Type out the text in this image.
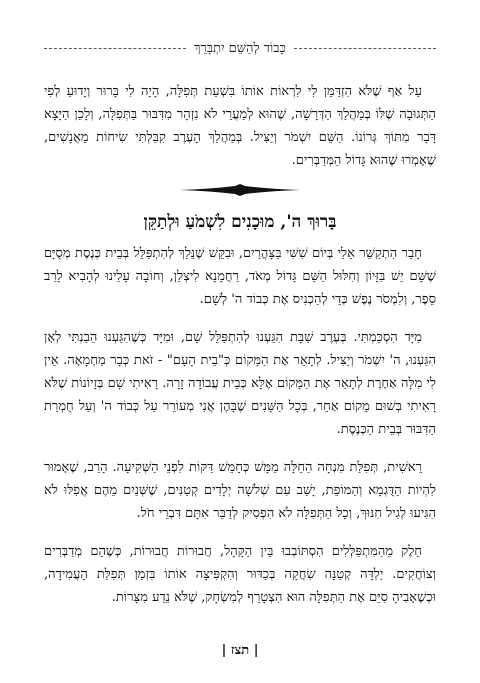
כָּבוֹד לְהַשֵּׁם יִתְבָּרֵךְ

עַל אַף שֶׁלֹּא הִזְדַּמֵּן לִי לִרְאוֹת אוֹתוֹ בִּשְׁעַת תְּפִלָּה, הָיָה לִי בָּרוּר וְיָדוּעַ לְפִי הַתְּגוּבָה שֶׁלּוֹ בְּמַהֲלַךְ הַדְּרָשָׁה, שֶׁהוּא לְמַעֲרֵי לֹא נִזְהָר מִדִּבּוּר בַּתְּפִלָּה, וְלָכֵן הַיָּצָא דָּבָר מִתּוֹךְ גְּרוֹנוֹ. הַשֵּׁם יִשְׁמֹר וְיַצִּיל. בְּמַהֲלַךְ הָעֶרֶב קִבַּלְתִּי שִׂיחוֹת מֵאֲנָשִׁים, שֶׁאָמְרוּ שֶׁהוּא גָּדוֹל הַמְּדַבְּרִים.

בָּרוּךְ ה', מוּכָנִים לִשְׁמֹעַ וּלְתַקֵּן

חָבֵר הִתְקַשֵּׁר אֵלַי בְּיוֹם שִׁשִּׁי בַּצָּהֳרַיִם, וּבִקֵּשׁ שֶׁנֵּלֵךְ לְהִתְפַּלֵּל בְּבֵית כְּנֶסֶת מְסֻיָּם שֶׁשָּׁם יֵשׁ בִּזָּיוֹן וְחִלּוּל הַשֵּׁם גָּדוֹל מְאֹד, רַחֲמָנָא לִיצְלַן, וְחוֹבָה עָלֵינוּ לְהָבִיא לָרַב סֵפֶר, וְלִמְסֹר נֶפֶשׁ כְּדֵי לְהַכְנִיס אֶת כְּבוֹד ה' לְשָׁם.

מִיָּד הִסְכַּמְתִּי. בְּעֶרֶב שַׁבָּת הִגַּעְנוּ לְהִתְפַּלֵּל שָׁם, וּמִיָּד כְּשֶׁהִגַּעְנוּ הֵבַנְתִּי לְאָן הִגַּעְנוּ, ה' יִשְׁמֹר וְיַצִּיל. לְתָאֵר אֶת הַמָּקוֹם כְּ"בֵית הָעָם" - זֹאת כְּבָר מַחְמָאָה. אֵין לִי מִלָּה אַחֶרֶת לְתָאֵר אֶת הַמָּקוֹם אֶלָּא כְּבֵית עֲבוֹדָה זָרָה. רָאִיתִי שָׁם בְּזָיוֹנוֹת שֶׁלֹּא רָאִיתִי בְּשׁוּם מָקוֹם אַחֵר, בְּכָל הַשָּׁנִים שֶׁבָּהֶן אֲנִי מְעוֹרֵר עַל כְּבוֹד ה' וְעַל חֻמְרַת הַדִּבּוּר בְּבֵית הַכְּנֶסֶת.

רֵאשִׁית, תְּפִלַּת מִנְחָה הַחֵלָּה מַמָּשׁ כְּחָמֵשׁ דַּקּוֹת לִפְנֵי הַשְּׁקִיעָה. הָרַב, שֶׁאָמוּר לִהְיוֹת הַדֻּגְמָא וְהַמּוֹפֵת, יָשַׁב עִם שְׁלֹשָׁה יְלָדִים קְטַנִּים, שֶׁשְּׁנַיִם מֵהֶם אֲפִלּוּ לֹא הִגִּיעוּ לְגִיל חִנּוּךְ, וְכָל הַתְּפִלָּה לֹא הִפְסִיק לְדַבֵּר אִתָּם דִּבְרֵי חֹל.

חֵלֶק מֵהַמִּתְפַּלְּלִים הִסְתּוֹבְבוּ בֵּין הַקָּהָל, חֲבוּרוֹת חֲבוּרוֹת, כְּשֶׁהֵם מְדַבְּרִים וְצוֹחֲקִים. יַלְדָּה קְטַנָּה שִׂחֲקָה בְּכַדּוּר וְהִקְפִּיצָה אוֹתוֹ בִּזְמַן תְּפִלַּת הָעֲמִידָה, וּכְשֶׁאָבִיהָ סִיֵּם אֶת הַתְּפִלָּה הוּא הִצְטָרֵף לְמִשְׂחָק, שֶׁלֹּא נֵדַע מִצָּרוֹת.

| תצז |
